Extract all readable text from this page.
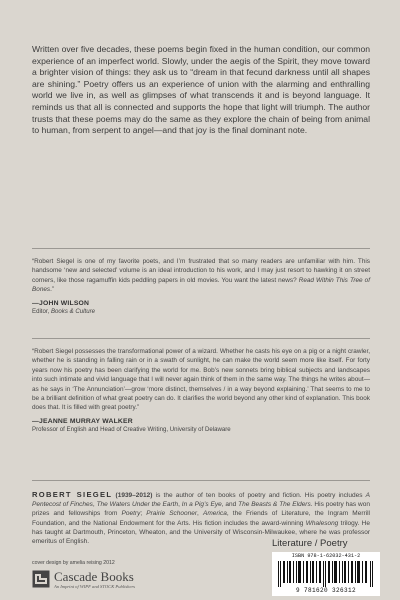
Written over five decades, these poems begin fixed in the human condition, our common experience of an imperfect world. Slowly, under the aegis of the Spirit, they move toward a brighter vision of things: they ask us to “dream in that fecund darkness until all shapes are shining.” Poetry offers us an experience of union with the alarming and enthralling world we live in, as well as glimpses of what transcends it and is beyond language. It reminds us that all is connected and supports the hope that light will triumph. The author trusts that these poems may do the same as they explore the chain of being from animal to human, from serpent to angel—and that joy is the final dominant note.

“Robert Siegel is one of my favorite poets, and I’m frustrated that so many readers are unfamiliar with him. This handsome ‘new and selected’ volume is an ideal introduction to his work, and I may just resort to hawking it on street corners, like those ragamuffin kids peddling papers in old movies. You want the latest news? Read Within This Tree of Bones.”

—JOHN WILSON
Editor, Books & Culture

“Robert Siegel possesses the transformational power of a wizard. Whether he casts his eye on a pig or a night crawler, whether he is standing in falling rain or in a swath of sunlight, he can make the world seem more like itself. For forty years now his poetry has been clarifying the world for me. Bob’s new sonnets bring biblical subjects and landscapes into such intimate and vivid language that I will never again think of them in the same way. The things he writes about—as he says in ‘The Annunciation’—grow ‘more distinct, themselves / in a way beyond explaining.’ That seems to me to be a brilliant definition of what great poetry can do. It clarifies the world beyond any other kind of explanation. This book does that. It is filled with great poetry.”

—JEANNE MURRAY WALKER
Professor of English and Head of Creative Writing, University of Delaware
ROBERT SIEGEL (1939–2012) is the author of ten books of poetry and fiction. His poetry includes A Pentecost of Finches, The Waters Under the Earth, In a Pig’s Eye, and The Beasts & The Elders. His poetry has won prizes and fellowships from Poetry; Prairie Schooner, America, the Friends of Literature, the Ingram Merrill Foundation, and the National Endowment for the Arts. His fiction includes the award-winning Whalesong trilogy. He has taught at Dartmouth, Princeton, Wheaton, and the University of Wisconsin-Milwaukee, where he was professor emeritus of English.	Literature / Poetry
cover design by amelia reising 2012
Cascade Books
An Imprint of WIPF and STOCK Publishers
ISBN 978-1-62032-431-2
9 781620 326312
